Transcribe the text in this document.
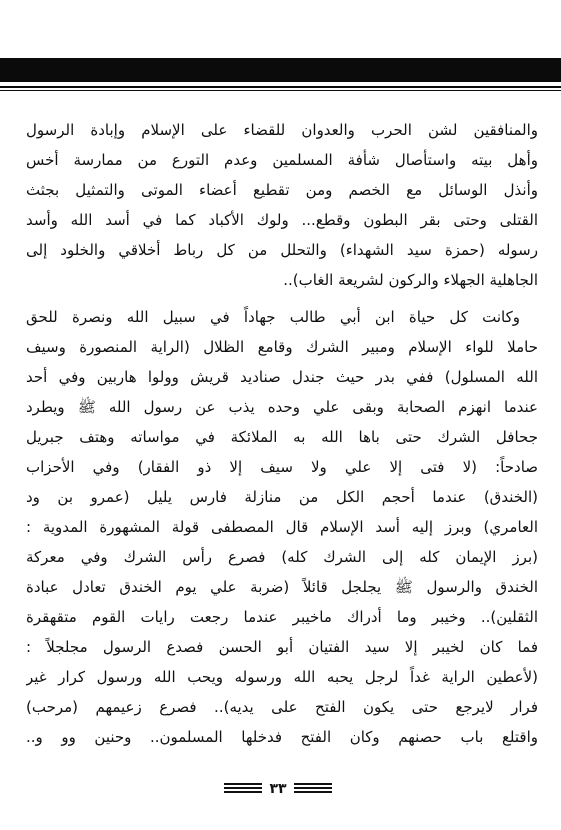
والمنافقين لشن الحرب والعدوان للقضاء على الإسلام وإبادة الرسول
وأهل بيته واستأصال شأفة المسلمين وعدم التورع من ممارسة أخس
وأنذل الوسائل مع الخصم ومن تقطيع أعضاء الموتى والتمثيل بجثث
القتلى وحتى بقر البطون وقطع... ولوك الأكباد كما في أسد الله وأسد
رسوله (حمزة سيد الشهداء) والتحلل من كل رباط أخلاقي والخلود إلى
الجاهلية الجهلاء والركون لشريعة الغاب)..
وكانت كل حياة ابن أبي طالب جهاداً في سبيل الله ونصرة للحق
حاملا للواء الإسلام ومبير الشرك وقامع الظلال (الراية المنصورة وسيف
الله المسلول) ففي بدر حيث جندل صناديد قريش وولوا هاربين وفي أحد
عندما انهزم الصحابة وبقى علي وحده يذب عن رسول الله ﷺ ويطرد
جحافل الشرك حتى باها الله به الملائكة في مواساته وهتف جبريل
صادحاً: (لا فتى إلا علي ولا سيف إلا ذو الفقار) وفي الأحزاب
(الخندق) عندما أحجم الكل من منازلة فارس يليل (عمرو بن ود
العامري) وبرز إليه أسد الإسلام قال المصطفى قولة المشهورة المدوية :
(برز الإيمان كله إلى الشرك كله) فصرع رأس الشرك وفي معركة
الخندق والرسول ﷺ يجلجل قائلاً (ضربة علي يوم الخندق تعادل عبادة
الثقلين).. وخيبر وما أدراك ماخيبر عندما رجعت رايات القوم متقهقرة
فما كان لخيبر إلا سيد الفتيان أبو الحسن فصدع الرسول مجلجلاً :
(لأعطين الراية غداً لرجل يحبه الله ورسوله ويحب الله ورسول كرار غير
فرار لايرجع حتى يكون الفتح على يديه).. فصرع زعيمهم (مرحب)
واقتلع باب حصنهم وكان الفتح فدخلها المسلمون.. وحنين وو و..
٣٣
